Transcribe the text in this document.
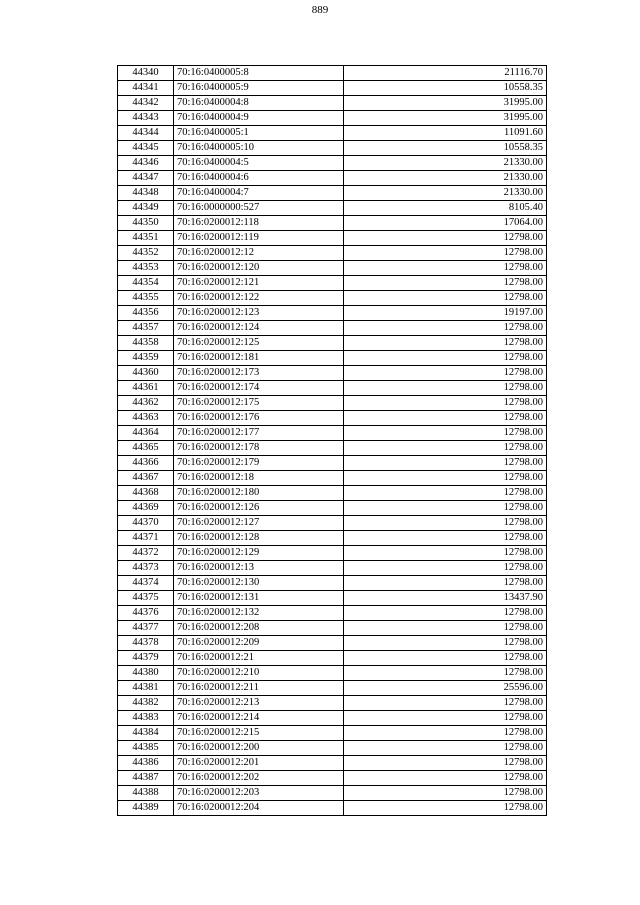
889
44340	70:16:0400005:8	21116.70
44341	70:16:0400005:9	10558.35
44342	70:16:0400004:8	31995.00
44343	70:16:0400004:9	31995.00
44344	70:16:0400005:1	11091.60
44345	70:16:0400005:10	10558.35
44346	70:16:0400004:5	21330.00
44347	70:16:0400004:6	21330.00
44348	70:16:0400004:7	21330.00
44349	70:16:0000000:527	8105.40
44350	70:16:0200012:118	17064.00
44351	70:16:0200012:119	12798.00
44352	70:16:0200012:12	12798.00
44353	70:16:0200012:120	12798.00
44354	70:16:0200012:121	12798.00
44355	70:16:0200012:122	12798.00
44356	70:16:0200012:123	19197.00
44357	70:16:0200012:124	12798.00
44358	70:16:0200012:125	12798.00
44359	70:16:0200012:181	12798.00
44360	70:16:0200012:173	12798.00
44361	70:16:0200012:174	12798.00
44362	70:16:0200012:175	12798.00
44363	70:16:0200012:176	12798.00
44364	70:16:0200012:177	12798.00
44365	70:16:0200012:178	12798.00
44366	70:16:0200012:179	12798.00
44367	70:16:0200012:18	12798.00
44368	70:16:0200012:180	12798.00
44369	70:16:0200012:126	12798.00
44370	70:16:0200012:127	12798.00
44371	70:16:0200012:128	12798.00
44372	70:16:0200012:129	12798.00
44373	70:16:0200012:13	12798.00
44374	70:16:0200012:130	12798.00
44375	70:16:0200012:131	13437.90
44376	70:16:0200012:132	12798.00
44377	70:16:0200012:208	12798.00
44378	70:16:0200012:209	12798.00
44379	70:16:0200012:21	12798.00
44380	70:16:0200012:210	12798.00
44381	70:16:0200012:211	25596.00
44382	70:16:0200012:213	12798.00
44383	70:16:0200012:214	12798.00
44384	70:16:0200012:215	12798.00
44385	70:16:0200012:200	12798.00
44386	70:16:0200012:201	12798.00
44387	70:16:0200012:202	12798.00
44388	70:16:0200012:203	12798.00
44389	70:16:0200012:204	12798.00
